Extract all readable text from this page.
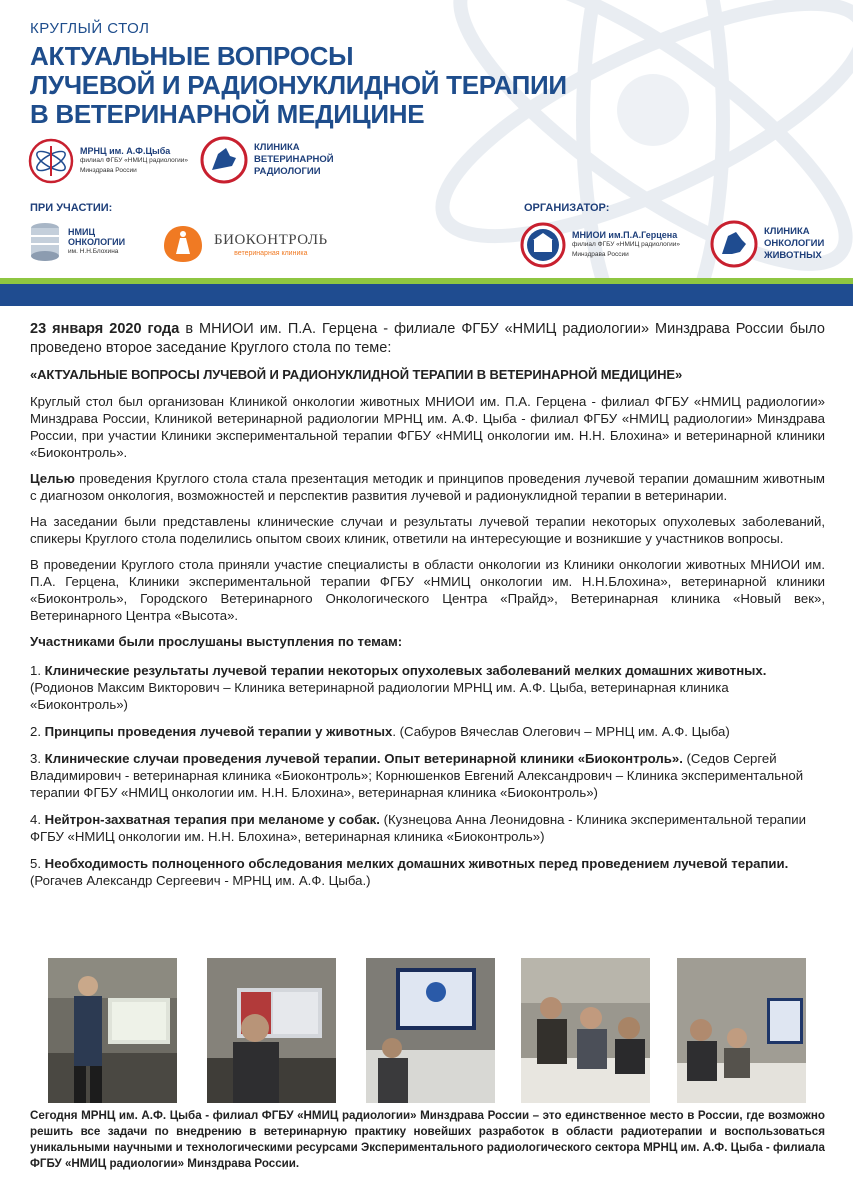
КРУГЛЫЙ СТОЛ
АКТУАЛЬНЫЕ ВОПРОСЫ
ЛУЧЕВОЙ И РАДИОНУКЛИДНОЙ ТЕРАПИИ
В ВЕТЕРИНАРНОЙ МЕДИЦИНЕ
МРНЦ им. А.Ф.Цыба
филиал ФГБУ «НМИЦ радиологии»
Минздрава России
КЛИНИКА
ВЕТЕРИНАРНОЙ
РАДИОЛОГИИ
ПРИ УЧАСТИИ:	ОРГАНИЗАТОР:
НМИЦ
ОНКОЛОГИИ
им. Н.Н.Блохина
БИОКОНТРОЛЬ
ветеринарная клиника
МНИОИ им.П.А.Герцена
филиал ФГБУ «НМИЦ радиологии»
Минздрава России
КЛИНИКА
ОНКОЛОГИИ
ЖИВОТНЫХ

23 января 2020 года в МНИОИ им. П.А. Герцена - филиале ФГБУ «НМИЦ радиологии» Минздрава России было проведено второе заседание Круглого стола по теме:

«АКТУАЛЬНЫЕ ВОПРОСЫ ЛУЧЕВОЙ И РАДИОНУКЛИДНОЙ ТЕРАПИИ В ВЕТЕРИНАРНОЙ МЕДИЦИНЕ»

Круглый стол был организован Клиникой онкологии животных МНИОИ им. П.А. Герцена - филиал ФГБУ «НМИЦ радиологии» Минздрава России, Клиникой ветеринарной радиологии МРНЦ им. А.Ф. Цыба - филиал ФГБУ «НМИЦ радиологии» Минздрава России, при участии Клиники экспериментальной терапии ФГБУ «НМИЦ онкологии им. Н.Н. Блохина» и ветеринарной клиники «Биоконтроль».

Целью проведения Круглого стола стала презентация методик и принципов проведения лучевой терапии домашним животным с диагнозом онкология, возможностей и перспектив развития лучевой и радионуклидной терапии в ветеринарии.

На заседании были представлены клинические случаи и результаты лучевой терапии некоторых опухолевых заболеваний, спикеры Круглого стола поделились опытом своих клиник, ответили на интересующие и возникшие у участников вопросы.

В проведении Круглого стола приняли участие специалисты в области онкологии из Клиники онкологии животных МНИОИ им. П.А. Герцена, Клиники экспериментальной терапии ФГБУ «НМИЦ онкологии им. Н.Н.Блохина», ветеринарной клиники «Биоконтроль», Городского Ветеринарного Онкологического Центра «Прайд», Ветеринарная клиника «Новый век», Ветеринарного Центра «Высота».

Участниками были прослушаны выступления по темам:

1. Клинические результаты лучевой терапии некоторых опухолевых заболеваний мелких домашних животных. (Родионов Максим Викторович – Клиника ветеринарной радиологии МРНЦ им. А.Ф. Цыба, ветеринарная клиника «Биоконтроль»)

2. Принципы проведения лучевой терапии у животных. (Сабуров Вячеслав Олегович – МРНЦ им. А.Ф. Цыба)

3. Клинические случаи проведения лучевой терапии. Опыт ветеринарной клиники «Биоконтроль». (Седов Сергей Владимирович - ветеринарная клиника «Биоконтроль»; Корнюшенков Евгений Александрович – Клиника экспериментальной терапии ФГБУ «НМИЦ онкологии им. Н.Н. Блохина», ветеринарная клиника «Биоконтроль»)

4. Нейтрон-захватная терапия при меланоме у собак. (Кузнецова Анна Леонидовна - Клиника экспериментальной терапии ФГБУ «НМИЦ онкологии им. Н.Н. Блохина», ветеринарная клиника «Биоконтроль»)

5. Необходимость полноценного обследования мелких домашних животных перед проведением лучевой терапии. (Рогачев Александр Сергеевич - МРНЦ им. А.Ф. Цыба.)

Сегодня МРНЦ им. А.Ф. Цыба - филиал ФГБУ «НМИЦ радиологии» Минздрава России – это единственное место в России, где возможно решить все задачи по внедрению в ветеринарную практику новейших разработок в области радиотерапии и воспользоваться уникальными научными и технологическими ресурсами Экспериментального радиологического сектора МРНЦ им. А.Ф. Цыба - филиала ФГБУ «НМИЦ радиологии» Минздрава России.
